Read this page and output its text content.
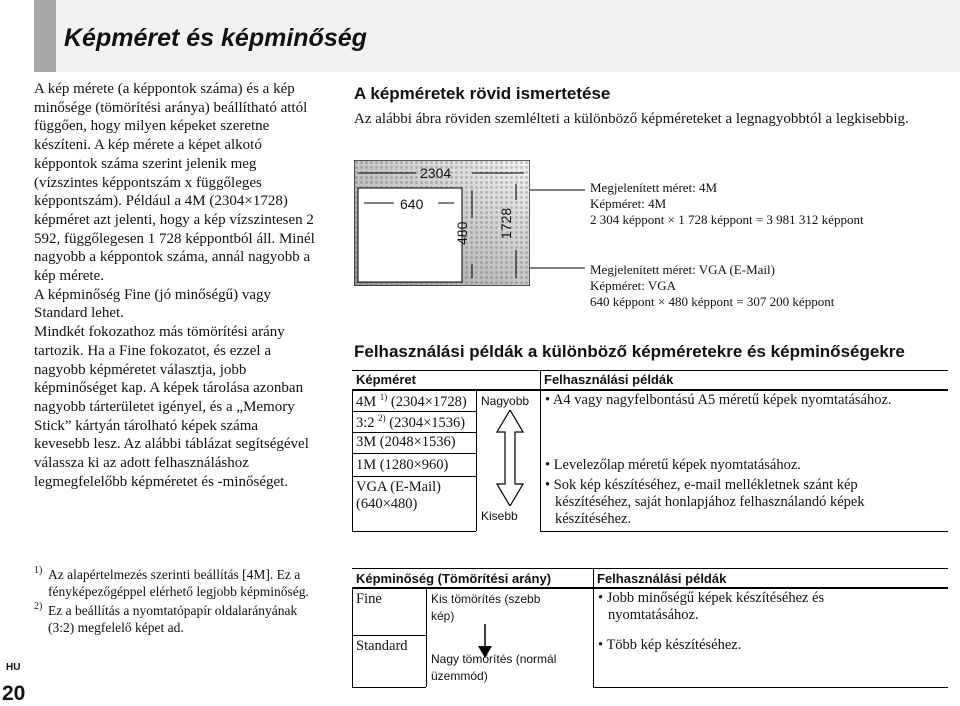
Képméret és képminőség

A kép mérete (a képpontok száma) és a kép minősége (tömörítési aránya) beállítható attól függően, hogy milyen képeket szeretne készíteni. A kép mérete a képet alkotó képpontok száma szerint jelenik meg (vízszintes képpontszám x függőleges képpontszám). Például a 4M (2304×1728) képméret azt jelenti, hogy a kép vízszintesen 2 592, függőlegesen 1 728 képpontból áll. Minél nagyobb a képpontok száma, annál nagyobb a kép mérete.

A képminőség Fine (jó minőségű) vagy Standard lehet.

Mindkét fokozathoz más tömörítési arány tartozik. Ha a Fine fokozatot, és ezzel a nagyobb képméretet választja, jobb képminőséget kap. A képek tárolása azonban nagyobb tárterületet igényel, és a „Memory Stick” kártyán tárolható képek száma kevesebb lesz. Az alábbi táblázat segítségével válassza ki az adott felhasználáshoz legmegfelelőbb képméretet és -minőséget.

1) Az alapértelmezés szerinti beállítás [4M]. Ez a fényképezőgéppel elérhető legjobb képminőség.
2) Ez a beállítás a nyomtatópapír oldalarányának (3:2) megfelelő képet ad.
HU
20
A képméretek rövid ismertetése
Az alábbi ábra röviden szemlélteti a különböző képméreteket a legnagyobbtól a legkisebbig.
2304
640
480 1728
Megjelenített méret: 4M
Képméret: 4M
2 304 képpont × 1 728 képpont = 3 981 312 képpont
Megjelenített méret: VGA (E-Mail)
Képméret: VGA
640 képpont × 480 képpont = 307 200 képpont
Felhasználási példák a különböző képméretekre és képminőségekre
Képméret	Felhasználási példák
4M $^{1)}$ (2304×1728)
3:2 $^{2)}$ (2304×1536)
3M (2048×1536)
1M (1280×960)
VGA (E-Mail)
(640×480)
Nagyobb
Kisebb
• A4 vagy nagyfelbontású A5 méretű képek nyomtatásához.
• Levelezőlap méretű képek nyomtatásához.
• Sok kép készítéséhez, e-mail mellékletnek szánt kép készítéséhez, saját honlapjához felhasználandó képek készítéséhez.
Képminőség (Tömörítési arány)	Felhasználási példák
Fine
Standard
Kis tömörítés (szebb kép)
Nagy tömörítés (normál üzemmód)
• Jobb minőségű képek készítéséhez és nyomtatásához.
• Több kép készítéséhez.
